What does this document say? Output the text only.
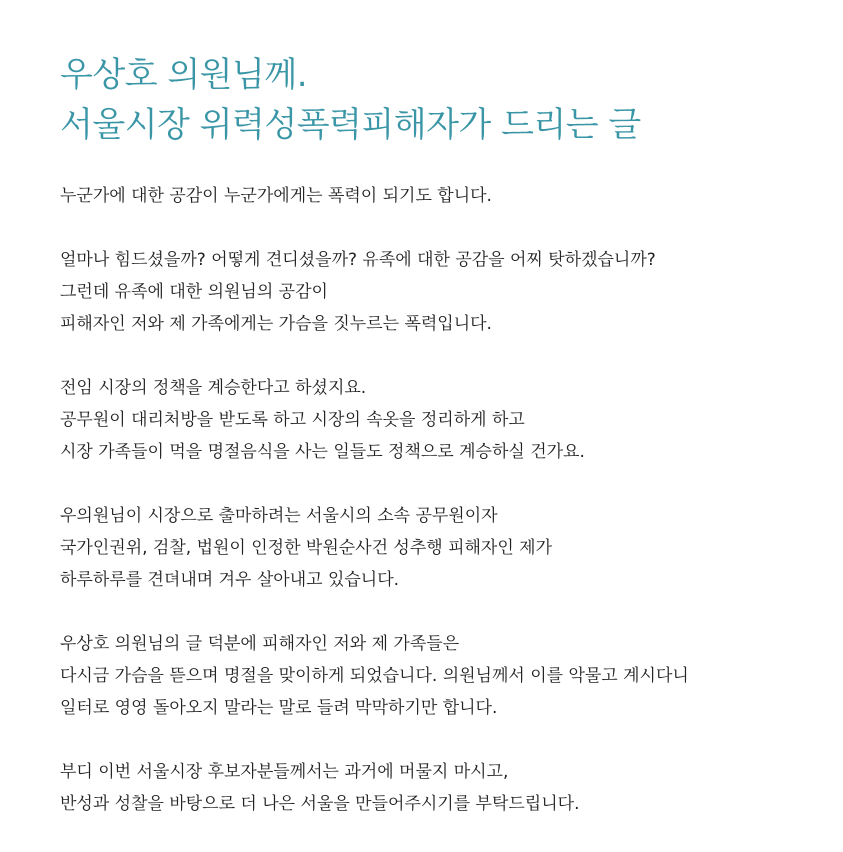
우상호 의원님께.
서울시장 위력성폭력피해자가 드리는 글
누군가에 대한 공감이 누군가에게는 폭력이 되기도 합니다.
얼마나 힘드셨을까? 어떻게 견디셨을까? 유족에 대한 공감을 어찌 탓하겠습니까?
그런데 유족에 대한 의원님의 공감이
피해자인 저와 제 가족에게는 가슴을 짓누르는 폭력입니다.
전임 시장의 정책을 계승한다고 하셨지요.
공무원이 대리처방을 받도록 하고 시장의 속옷을 정리하게 하고
시장 가족들이 먹을 명절음식을 사는 일들도 정책으로 계승하실 건가요.
우의원님이 시장으로 출마하려는 서울시의 소속 공무원이자
국가인권위, 검찰, 법원이 인정한 박원순사건 성추행 피해자인 제가
하루하루를 견뎌내며 겨우 살아내고 있습니다.
우상호 의원님의 글 덕분에 피해자인 저와 제 가족들은
다시금 가슴을 뜯으며 명절을 맞이하게 되었습니다. 의원님께서 이를 악물고 계시다니
일터로 영영 돌아오지 말라는 말로 들려 막막하기만 합니다.
부디 이번 서울시장 후보자분들께서는 과거에 머물지 마시고,
반성과 성찰을 바탕으로 더 나은 서울을 만들어주시기를 부탁드립니다.
